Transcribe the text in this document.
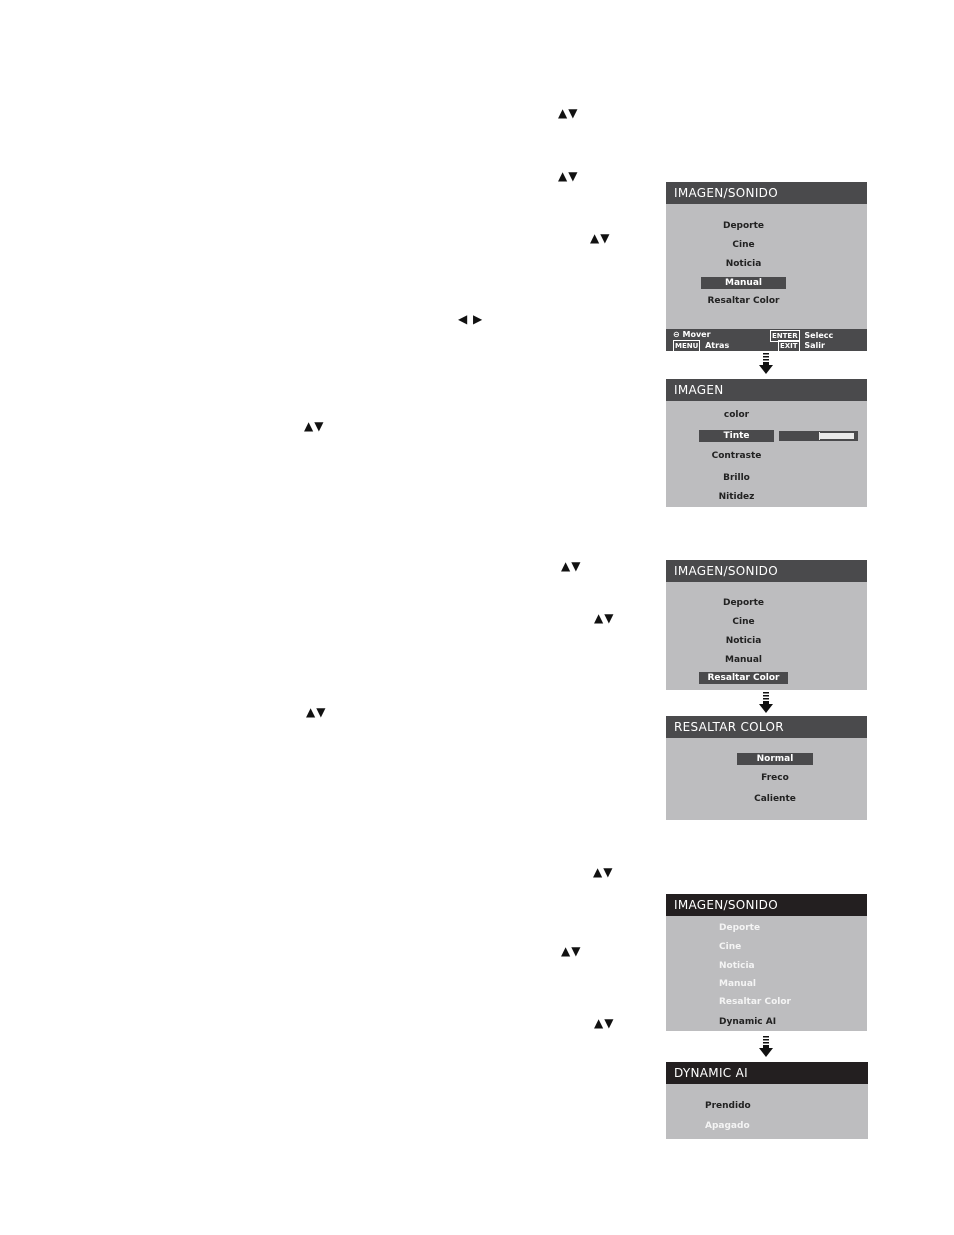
▲▼
▲▼
▲▼
◀ ▶
▲▼
▲▼
▲▼
▲▼
▲▼
▲▼
▲▼
IMAGEN/SONIDO
Deporte
Cine
Noticia
Manual
Resaltar Color
⊖ Mover	ENTER Selecc
MENU Atras	EXIT Salir
IMAGEN
color
Tinte
Contraste
Brillo
Nitidez
IMAGEN/SONIDO
Deporte
Cine
Noticia
Manual
Resaltar Color
RESALTAR COLOR
Normal
Freco
Caliente
IMAGEN/SONIDO
Deporte
Cine
Noticia
Manual
Resaltar Color
Dynamic AI
DYNAMIC AI
Prendido
Apagado
